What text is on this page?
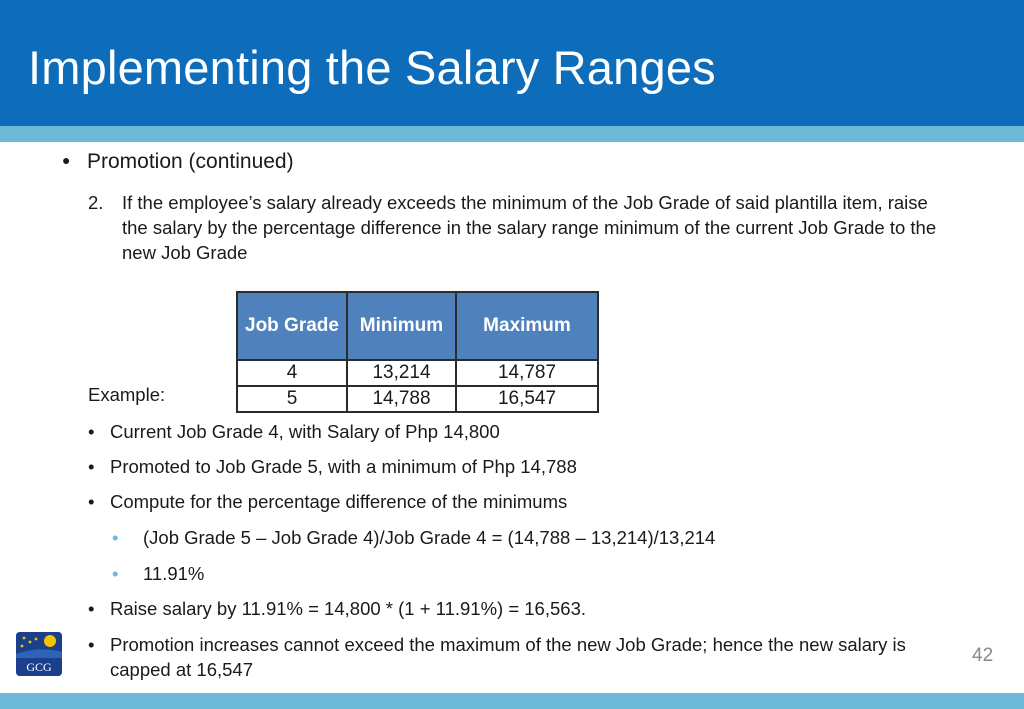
Implementing the Salary Ranges
● Promotion (continued)
2. If the employee’s salary already exceeds the minimum of the Job Grade of said plantilla item, raise the salary by the percentage difference in the salary range minimum of the current Job Grade to the new Job Grade
Job Grade	Minimum	Maximum
4	13,214	14,787
5	14,788	16,547
Example:
• Current Job Grade 4, with Salary of Php 14,800
• Promoted to Job Grade 5, with a minimum of Php 14,788
• Compute for the percentage difference of the minimums
• (Job Grade 5 – Job Grade 4)/Job Grade 4 = (14,788 – 13,214)/13,214
• 11.91%
• Raise salary by 11.91% = 14,800 * (1 + 11.91%) = 16,563.
• Promotion increases cannot exceed the maximum of the new Job Grade; hence the new salary is capped at 16,547
GCG
42
